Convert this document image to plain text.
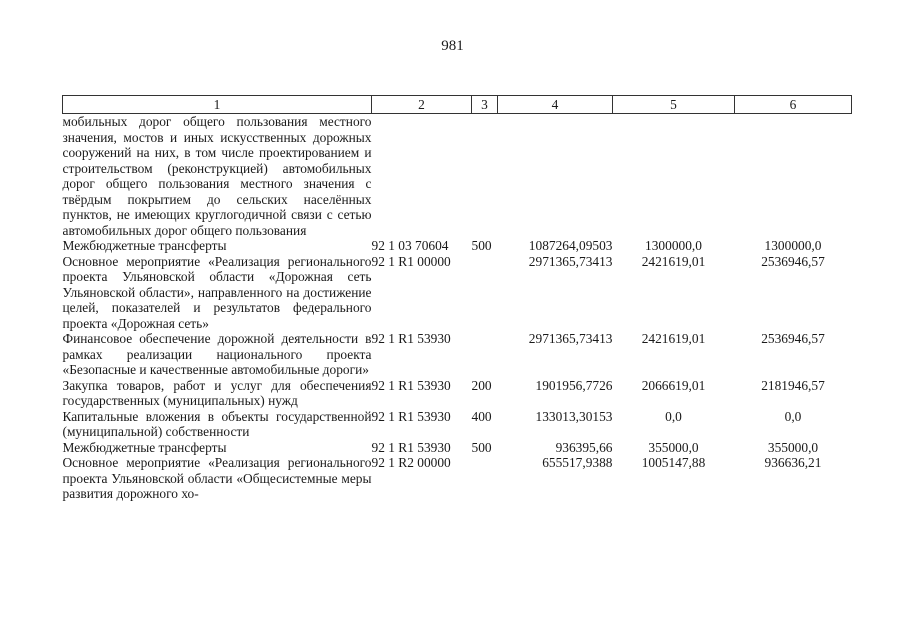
981
1	2	3	4	5	6
мобильных дорог общего пользования местного значения, мостов и иных искусственных дорожных сооружений на них, в том числе проектированием и строительством (реконструкцией) автомобильных дорог общего пользования местного значения с твёрдым покрытием до сельских населённых пунктов, не имеющих круглогодичной связи с сетью автомобильных дорог общего пользования					
Межбюджетные трансферты	92 1 03 70604	500	1087264,09503	1300000,0	1300000,0
Основное мероприятие «Реализация регионального проекта Ульяновской области «Дорожная сеть Ульяновской области», направленного на достижение целей, показателей и результатов федерального проекта «Дорожная сеть»	92 1 R1 00000		2971365,73413	2421619,01	2536946,57
Финансовое обеспечение дорожной деятельности в рамках реализации национального проекта «Безопасные и качественные автомобильные дороги»	92 1 R1 53930		2971365,73413	2421619,01	2536946,57
Закупка товаров, работ и услуг для обеспечения государственных (муниципальных) нужд	92 1 R1 53930	200	1901956,7726	2066619,01	2181946,57
Капитальные вложения в объекты государственной (муниципальной) собственности	92 1 R1 53930	400	133013,30153	0,0	0,0
Межбюджетные трансферты	92 1 R1 53930	500	936395,66	355000,0	355000,0
Основное мероприятие «Реализация регионального проекта Ульяновской области «Общесистемные меры развития дорожного хо-	92 1 R2 00000		655517,9388	1005147,88	936636,21
